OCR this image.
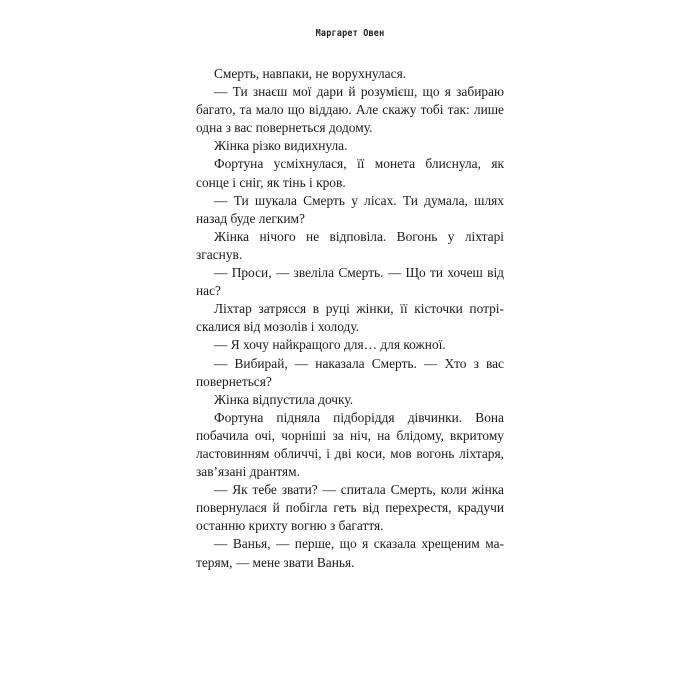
Маргарет Овен

Смерть, навпаки, не ворухнулася.

— Ти знаєш мої дари й розумієш, що я забираю багато, та мало що віддаю. Але скажу тобі так: лише одна з вас повернеться додому.

Жінка різко видихнула.

Фортуна усміхнулася, її монета блиснула, як сонце і сніг, як тінь і кров.

— Ти шукала Смерть у лісах. Ти думала, шлях назад буде легким?

Жінка нічого не відповіла. Вогонь у ліхтарі згаснув.

— Проси, — звеліла Смерть. — Що ти хочеш від нас?

Ліхтар затрясся в руці жінки, її кісточки потріскалися від мозолів і холоду.

— Я хочу найкращого для… для кожної.

— Вибирай, — наказала Смерть. — Хто з вас повернеться?

Жінка відпустила дочку.

Фортуна підняла підборіддя дівчинки. Вона побачила очі, чорніші за ніч, на блідому, вкритому ластовинням обличчі, і дві коси, мов вогонь ліхтаря, зав’язані дрантям.

— Як тебе звати? — спитала Смерть, коли жінка повернулася й побігла геть від перехрестя, крадучи останню крихту вогню з багаття.

— Ванья, — перше, що я сказала хрещеним матерям, — мене звати Ванья.
